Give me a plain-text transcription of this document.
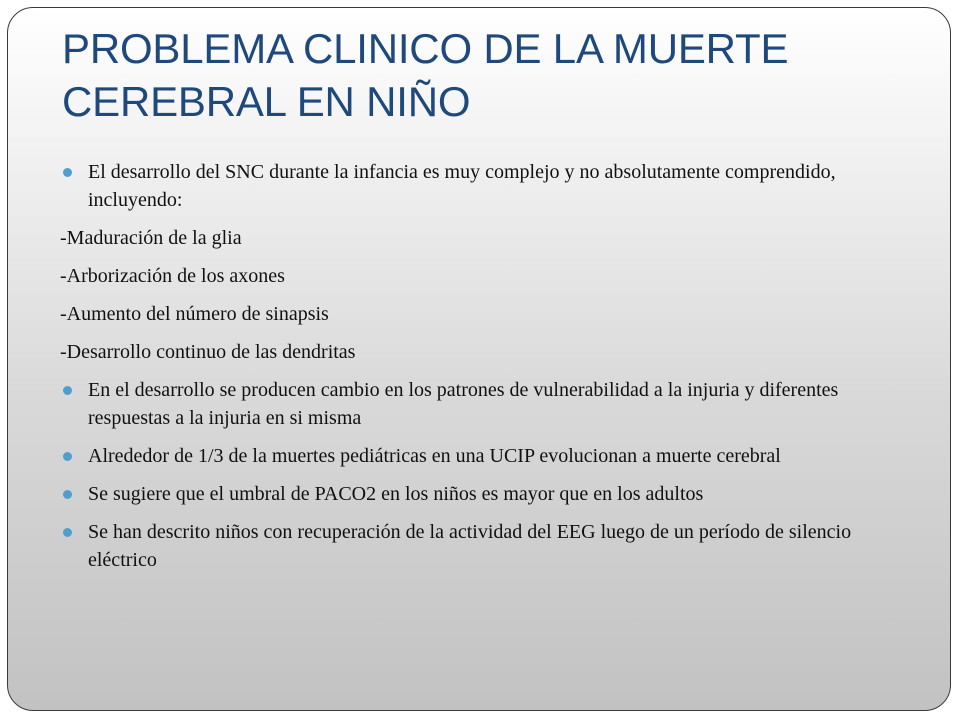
PROBLEMA CLINICO DE LA MUERTE CEREBRAL EN NIÑO
El desarrollo del SNC durante la infancia es muy complejo y no absolutamente comprendido, incluyendo:
-Maduración de la glia
-Arborización de los axones
-Aumento del número de sinapsis
-Desarrollo continuo de las dendritas
En el desarrollo se producen cambio en los patrones de vulnerabilidad a la injuria y diferentes respuestas a la injuria en si misma
Alrededor de 1/3 de la muertes pediátricas en una UCIP evolucionan a muerte cerebral
Se sugiere que el umbral de PACO2 en los niños es mayor que en los adultos
Se han descrito niños con recuperación de la actividad del EEG luego de un período de silencio eléctrico
